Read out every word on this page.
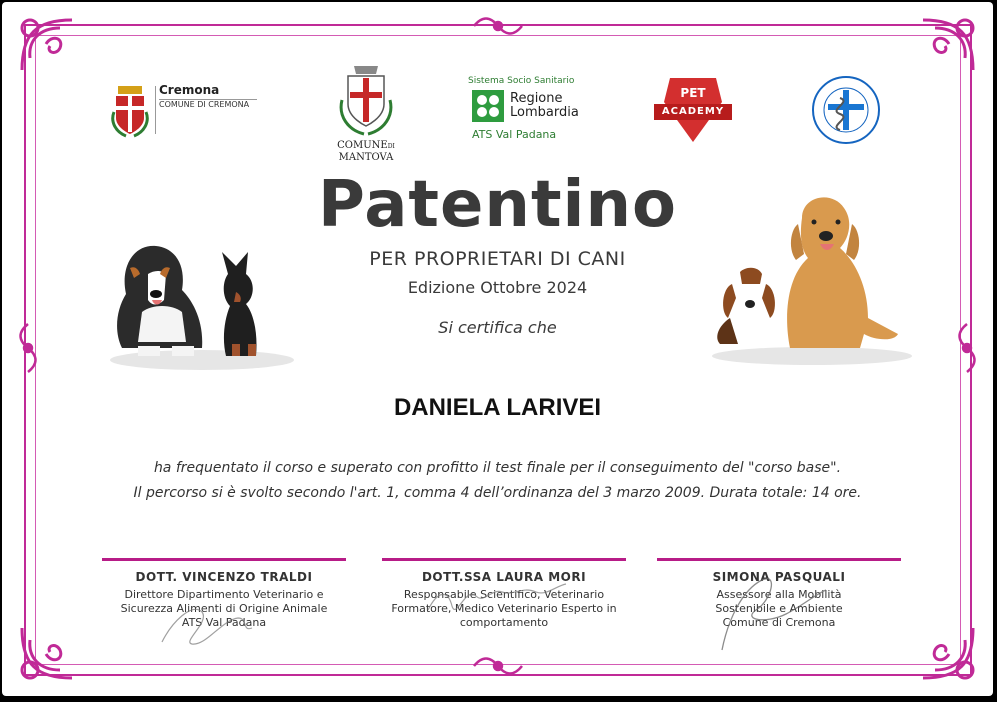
Cremona
COMUNE DI CREMONA
COMUNEDI
MANTOVA
Sistema Socio Sanitario
Regione
Lombardia
ATS Val Padana
PET
ACADEMY
Patentino
PER PROPRIETARI DI CANI
Edizione Ottobre 2024
Si certifica che
DANIELA LARIVEI
ha frequentato il corso e superato con profitto il test finale per il conseguimento del "corso base".
Il percorso si è svolto secondo l'art. 1, comma 4 dell’ordinanza del 3 marzo 2009. Durata totale: 14 ore.
DOTT. VINCENZO TRALDI
Direttore Dipartimento Veterinario e
Sicurezza Alimenti di Origine Animale
ATS Val Padana
DOTT.SSA LAURA MORI
Responsabile Scientifico, Veterinario
Formatore, Medico Veterinario Esperto in
comportamento
SIMONA PASQUALI
Assessore alla Mobilità
Sostenibile e Ambiente
Comune di Cremona
